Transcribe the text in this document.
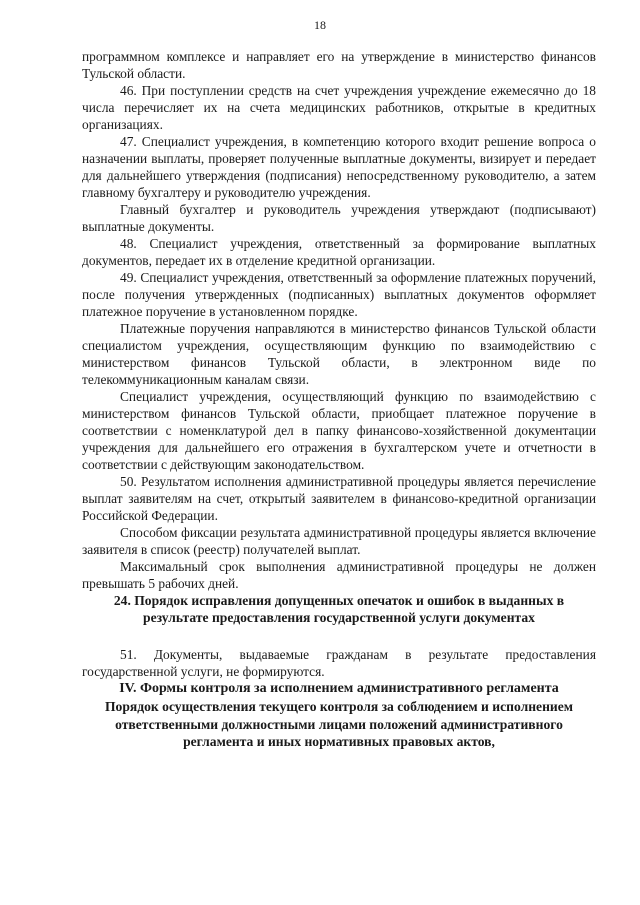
18

программном комплексе и направляет его на утверждение в министерство финансов Тульской области.

46. При поступлении средств на счет учреждения учреждение ежемесячно до 18 числа перечисляет их на счета медицинских работников, открытые в кредитных организациях.

47. Специалист учреждения, в компетенцию которого входит решение вопроса о назначении выплаты, проверяет полученные выплатные документы, визирует и передает для дальнейшего утверждения (подписания) непосредственному руководителю, а затем главному бухгалтеру и руководителю учреждения.

Главный бухгалтер и руководитель учреждения утверждают (подписывают) выплатные документы.

48. Специалист учреждения, ответственный за формирование выплатных документов, передает их в отделение кредитной организации.

49. Специалист учреждения, ответственный за оформление платежных поручений, после получения утвержденных (подписанных) выплатных документов оформляет платежное поручение в установленном порядке.

Платежные поручения направляются в министерство финансов Тульской области специалистом учреждения, осуществляющим функцию по взаимодействию с министерством финансов Тульской области, в электронном виде по телекоммуникационным каналам связи.

Специалист учреждения, осуществляющий функцию по взаимодействию с министерством финансов Тульской области, приобщает платежное поручение в соответствии с номенклатурой дел в папку финансово-хозяйственной документации учреждения для дальнейшего его отражения в бухгалтерском учете и отчетности в соответствии с действующим законодательством.

50. Результатом исполнения административной процедуры является перечисление выплат заявителям на счет, открытый заявителем в финансово-кредитной организации Российской Федерации.

Способом фиксации результата административной процедуры является включение заявителя в список (реестр) получателей выплат.

Максимальный срок выполнения административной процедуры не должен превышать 5 рабочих дней.

24. Порядок исправления допущенных опечаток и ошибок в выданных в результате предоставления государственной услуги документах

51. Документы, выдаваемые гражданам в результате предоставления государственной услуги, не формируются.

IV. Формы контроля за исполнением административного регламента

Порядок осуществления текущего контроля за соблюдением и исполнением ответственными должностными лицами положений административного регламента и иных нормативных правовых актов,
